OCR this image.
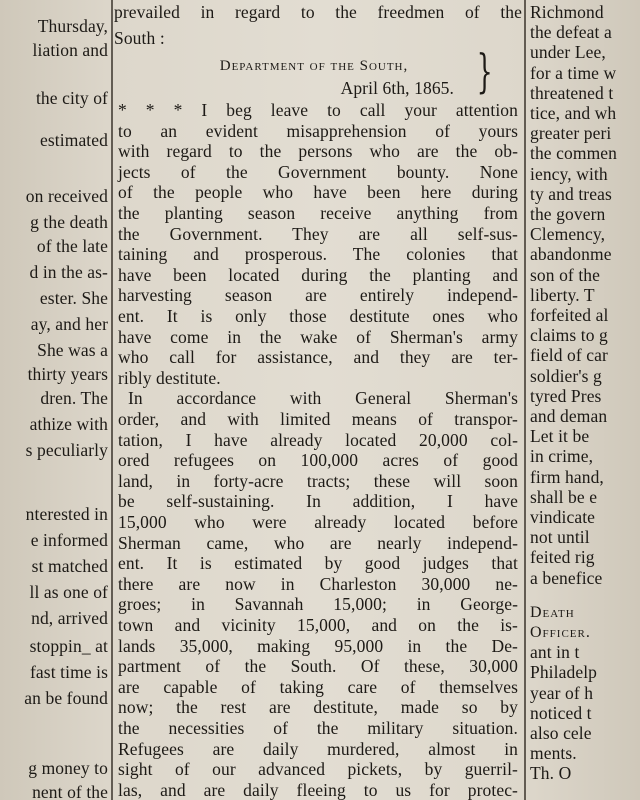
Thursday,
liation and
the city of
estimated
on received
g the death
of the late
d in the as-
ester. She
ay, and her
She was a
thirty years
dren. The
athize with
s peculiarly
nterested in
e informed
st matched
ll as one of
nd, arrived
stoppin_ at
fast time is
an be found
g money to
nent of the
prevailed in regard to the freedmen of the
South :
Department of the South,
April 6th, 1865. }
* * * I beg leave to call your attention
to an evident misapprehension of yours
with regard to the persons who are the ob-
jects of the Government bounty. None
of the people who have been here during
the planting season receive anything from
the Government. They are all self-sus-
taining and prosperous. The colonies that
have been located during the planting and
harvesting season are entirely independ-
ent. It is only those destitute ones who
have come in the wake of Sherman's army
who call for assistance, and they are ter-
ribly destitute.
In accordance with General Sherman's
order, and with limited means of transpor-
tation, I have already located 20,000 col-
ored refugees on 100,000 acres of good
land, in forty-acre tracts; these will soon
be self-sustaining. In addition, I have
15,000 who were already located before
Sherman came, who are nearly independ-
ent. It is estimated by good judges that
there are now in Charleston 30,000 ne-
groes; in Savannah 15,000; in George-
town and vicinity 15,000, and on the is-
lands 35,000, making 95,000 in the De-
partment of the South. Of these, 30,000
are capable of taking care of themselves
now; the rest are destitute, made so by
the necessities of the military situation.
Refugees are daily murdered, almost in
sight of our advanced pickets, by guerril-
las, and are daily fleeing to us for protec-
Richmond
the defeat a
under Lee,
for a time w
threatened t
tice, and wh
greater peri
the commen
iency, with
ty and treas
the govern
Clemency,
abandonme
son of the
liberty. T
forfeited al
claims to g
field of car
soldier's g
tyred Pres
and deman
Let it be
in crime,
firm hand,
shall be e
vindicate
not until
feited rig
a benefice
Death
Officer.
ant in t
Philadelp
year of h
noticed t
also cele
ments.
Th. O
